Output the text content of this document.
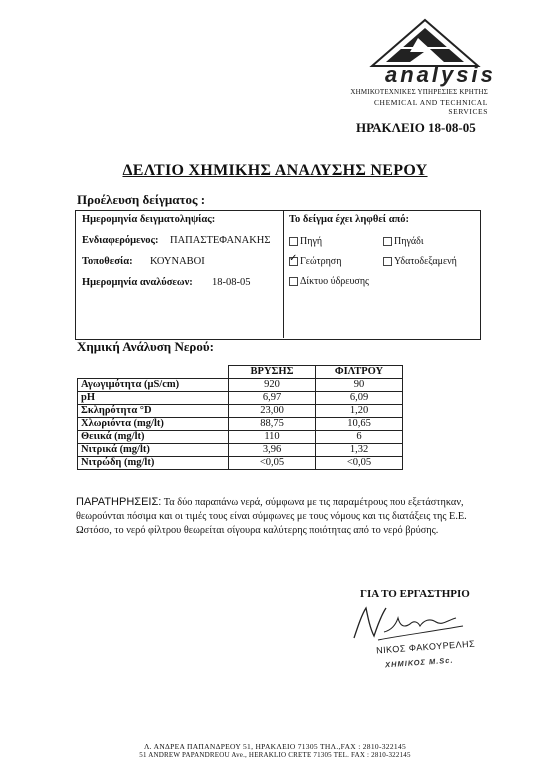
analysis
ΧΗΜΙΚΟΤΕΧΝΙΚΕΣ ΥΠΗΡΕΣΙΕΣ ΚΡΗΤΗΣ
CHEMICAL AND TECHNICAL SERVICES
ΗΡΑΚΛΕΙΟ 18-08-05
ΔΕΛΤΙΟ ΧΗΜΙΚΗΣ ΑΝΑΛΥΣΗΣ ΝΕΡΟΥ
Προέλευση δείγματος :
Ημερομηνία δειγματοληψίας:
Ενδιαφερόμενος: ΠΑΠΑΣΤΕΦΑΝΑΚΗΣ
Τοποθεσία: ΚΟΥΝΑΒΟΙ
Ημερομηνία αναλύσεων: 18-08-05
Το δείγμα έχει ληφθεί από:
Πηγή	Πηγάδι
✓
Γεώτρηση	Υδατοδεξαμενή
Δίκτυο ύδρευσης
Χημική Ανάλυση Νερού:
	ΒΡΥΣΗΣ	ΦΙΛΤΡΟΥ
Αγωγιμότητα (μS/cm)	920	90
pH	6,97	6,09
Σκληρότητα °D	23,00	1,20
Χλωριόντα (mg/lt)	88,75	10,65
Θειικά (mg/lt)	110	6
Νιτρικά (mg/lt)	3,96	1,32
Νιτρώδη (mg/lt)	<0,05	<0,05
ΠΑΡΑΤΗΡΗΣΕΙΣ: Τα δύο παραπάνω νερά, σύμφωνα με τις παραμέτρους που εξετάστηκαν, θεωρούνται πόσιμα και οι τιμές τους είναι σύμφωνες με τους νόμους και τις διατάξεις της Ε.Ε. Ωστόσο, το νερό φίλτρου θεωρείται σίγουρα καλύτερης ποιότητας από το νερό βρύσης.
ΓΙΑ ΤΟ ΕΡΓΑΣΤΗΡΙΟ
ΝΙΚΟΣ ΦΑΚΟΥΡΕΛΗΣ
ΧΗΜΙΚΟΣ M.Sc.
Λ. ΑΝΔΡΕΑ ΠΑΠΑΝΔΡΕΟΥ 51, ΗΡΑΚΛΕΙΟ 71305 ΤΗΛ.,FAX : 2810-322145
51 ANDREW PAPANDREOU Ave., HERAKLIO CRETE 71305 TEL. FAX : 2810-322145
